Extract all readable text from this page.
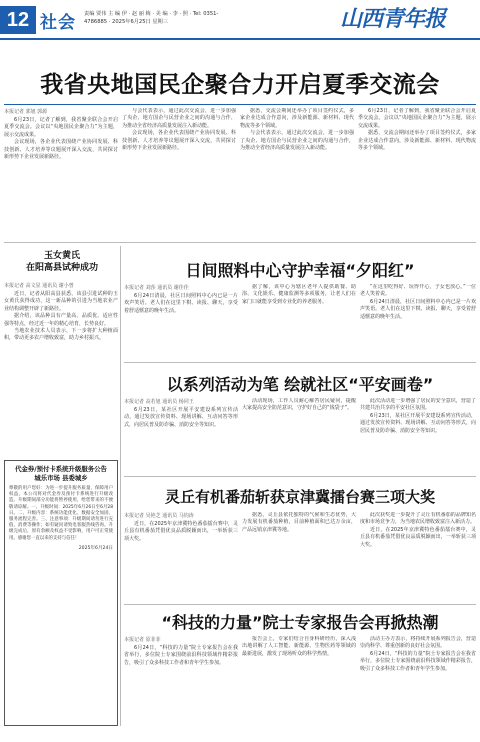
12 社会 责编 贾伟 主 编 伊 · 赵 丽 梅 · 美 编 · 李 · 照 · Tel: 0351-4786885 · 2025年6月25日 星期三	山西青年报
我省央地国民企聚合力开启夏季交流会
本报记者 郭旭 郭源

6月23日，记者了解到，我省聚企联合会开启夏季交流会。会议以“央地国民企聚合力”为主题，展示交流成果。

会议现场，各企业代表围绕产业协同发展、科技创新、人才培养等议题展开深入交流，共同探讨新形势下企业发展新路径。

与会代表表示，通过此次交流会，进一步加强了央企、地方国企与民营企业之间的沟通与合作，为推动全省经济高质量发展注入新动能。

会议现场，各企业代表围绕产业协同发展、科技创新、人才培养等议题展开深入交流，共同探讨新形势下企业发展新路径。

据悉，交流会期间还举办了项目签约仪式，多家企业达成合作意向，涉及新能源、新材料、现代物流等多个领域。

与会代表表示，通过此次交流会，进一步加强了央企、地方国企与民营企业之间的沟通与合作，为推动全省经济高质量发展注入新动能。

6月23日，记者了解到，我省聚企联合会开启夏季交流会。会议以“央地国民企聚合力”为主题，展示交流成果。

据悉，交流会期间还举办了项目签约仪式，多家企业达成合作意向，涉及新能源、新材料、现代物流等多个领域。

玉女黄氏
在阳高县试种成功
本报记者 高文显 通讯员 谢小曾

近日，记者从阳高县获悉，该县引进试种的玉女黄氏获得成功，这一新品种的引进为当地农业产业结构调整开辟了新路径。

据介绍，该品种具有产量高、品质优、适应性强等特点，经过近一年的精心培育，长势良好。

当地农业技术人员表示，下一步将扩大种植面积，带动更多农户增收致富，助力乡村振兴。

日间照料中心守护幸福“夕阳红”
本报记者 刘莎 通讯员 谢佳佳

6月24日清晨，社区日间照料中心内已是一片欢声笑语。老人们在这里下棋、读报、聊天，享受着舒适惬意的晚年生活。

据了解，该中心为辖区老年人提供助餐、助浴、文化娱乐、健康监测等多项服务，让老人们在家门口就能享受到专业化的养老服务。

“在这里吃得好、玩得开心，子女也放心。”一位老人笑着说。

6月24日清晨，社区日间照料中心内已是一片欢声笑语。老人们在这里下棋、读报、聊天，享受着舒适惬意的晚年生活。

以系列活动为笔 绘就社区“平安画卷”
本报记者 高若旭 通讯员 杨同王

6月23日，某社区开展平安建设系列宣传活动，通过发放宣传资料、现场讲解、互动问答等形式，向居民普及防诈骗、消防安全等知识。

活动现场，工作人员耐心解答居民疑问，提醒大家提高安全防范意识，守护好自己的“钱袋子”。

此次活动进一步增强了居民的安全意识，营造了共建共治共享的平安社区氛围。

6月23日，某社区开展平安建设系列宣传活动，通过发放宣传资料、现场讲解、互动问答等形式，向居民普及防诈骗、消防安全等知识。

灵丘有机番茄斩获京津冀擂台赛三项大奖
本报记者 吴艳芝 通讯员 马钧涛

近日，在2025年京津冀特色番茄擂台赛中，灵丘县有机番茄凭借优良品质脱颖而出，一举斩获三项大奖。

据悉，灵丘县依托独特的气候和生态优势，大力发展有机番茄种植，目前种植面积已达万余亩，产品远销京津冀等地。

此次获奖进一步提升了灵丘有机番茄的品牌知名度和市场竞争力，为当地农民增收致富注入新活力。

近日，在2025年京津冀特色番茄擂台赛中，灵丘县有机番茄凭借优良品质脱颖而出，一举斩获三项大奖。

“科技的力量”院士专家报告会再掀热潮
本报记者 原菲菲

6月24日，“科技的力量”院士专家报告会在我省举行，多位院士专家围绕前沿科技领域作精彩报告，吸引了众多科技工作者和青年学生参加。

报告会上，专家们结合自身科研经历，深入浅出地讲解了人工智能、新能源、生物医药等领域的最新进展，激发了现场听众的科学热情。

活动主办方表示，将持续开展系列报告会，营造崇尚科学、尊重创新的良好社会氛围。

6月24日，“科技的力量”院士专家报告会在我省举行，多位院士专家围绕前沿科技领域作精彩报告，吸引了众多科技工作者和青年学生参加。

代金券/预付卡系统升级服务公告
城乐市场 县委城乡
尊敬的用户您好：为进一步提升服务质量，保障用户权益，本公司将对代金券及预付卡系统进行升级改造。升级期间部分功能将暂停使用，给您带来的不便敬请谅解。一、升级时间：2025年6月26日至6月28日。二、升级内容：系统功能优化、数据安全加固、服务流程完善。三、注意事项：升级期间请勿进行充值、消费等操作；如有疑问请致电客服热线咨询。升级完成后，原有余额及权益不受影响，用户可正常使用。感谢您一直以来的支持与信任！
2025年6月24日
